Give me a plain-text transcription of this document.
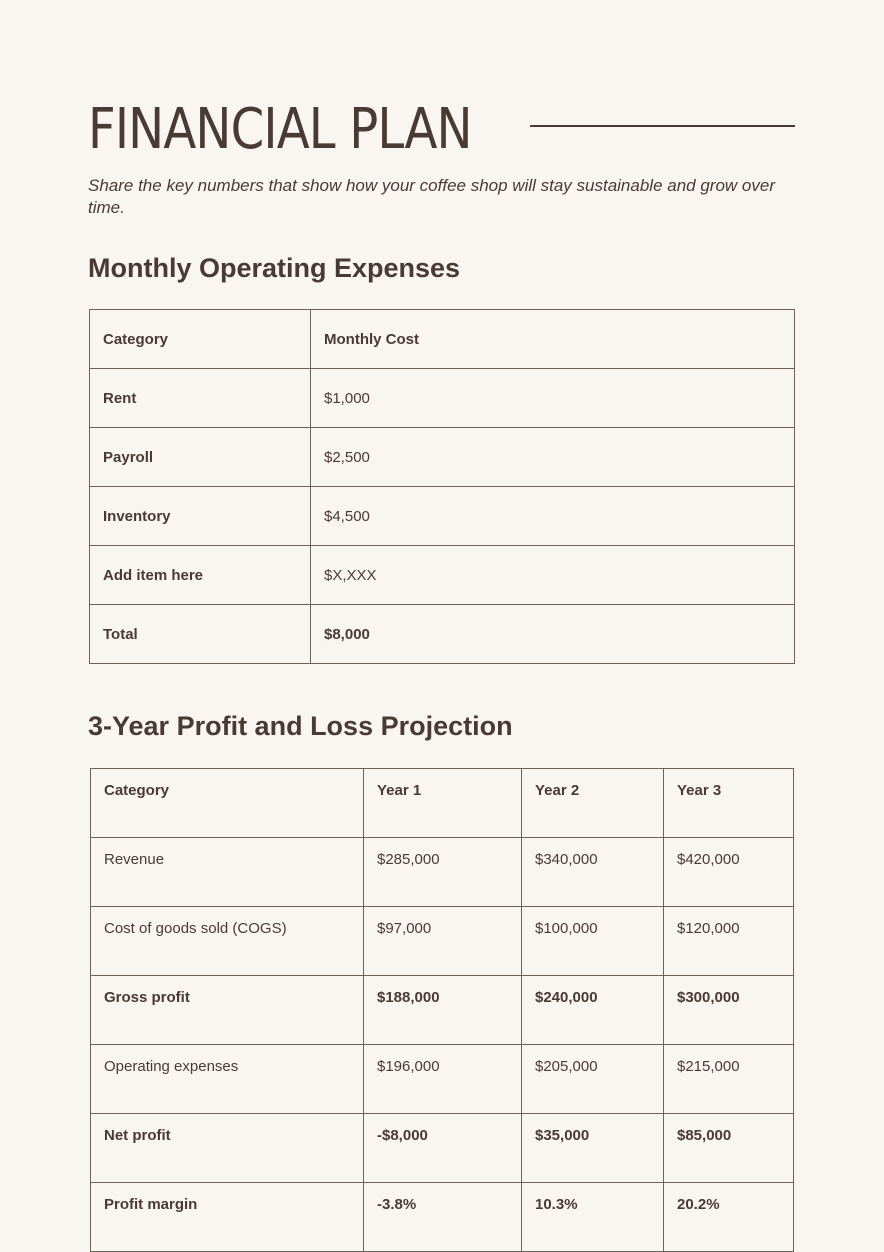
FINANCIAL PLAN

Share the key numbers that show how your coffee shop will stay sustainable and grow over time.

Monthly Operating Expenses
Category	Monthly Cost
Rent	$1,000
Payroll	$2,500
Inventory	$4,500
Add item here	$X,XXX
Total	$8,000
3-Year Profit and Loss Projection
Category	Year 1	Year 2	Year 3
Revenue	$285,000	$340,000	$420,000
Cost of goods sold (COGS)	$97,000	$100,000	$120,000
Gross profit	$188,000	$240,000	$300,000
Operating expenses	$196,000	$205,000	$215,000
Net profit	-$8,000	$35,000	$85,000
Profit margin	-3.8%	10.3%	20.2%
